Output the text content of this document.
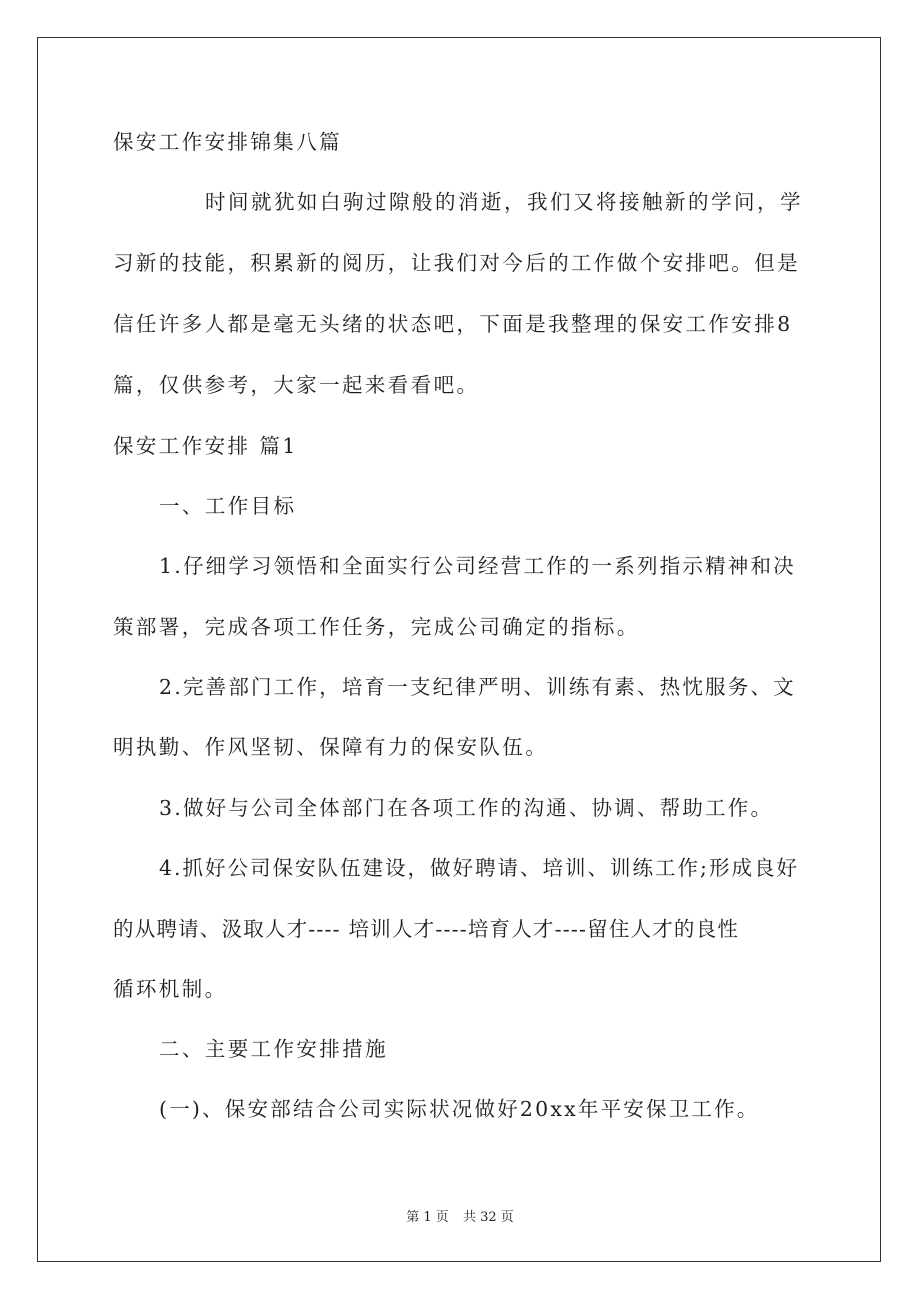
保安工作安排锦集八篇
时间就犹如白驹过隙般的消逝，我们又将接触新的学问，学
习新的技能，积累新的阅历，让我们对今后的工作做个安排吧。但是
信任许多人都是毫无头绪的状态吧，下面是我整理的保安工作安排8
篇，仅供参考，大家一起来看看吧。
保安工作安排 篇1
一、工作目标
1.仔细学习领悟和全面实行公司经营工作的一系列指示精神和决
策部署，完成各项工作任务，完成公司确定的指标。
2.完善部门工作，培育一支纪律严明、训练有素、热忱服务、文
明执勤、作风坚韧、保障有力的保安队伍。
3.做好与公司全体部门在各项工作的沟通、协调、帮助工作。
4.抓好公司保安队伍建设，做好聘请、培训、训练工作;形成良好
的从聘请、汲取人才---- 培训人才----培育人才----留住人才的良性
循环机制。
二、主要工作安排措施
(一)、保安部结合公司实际状况做好20xx年平安保卫工作。
第 1 页 共 32 页
